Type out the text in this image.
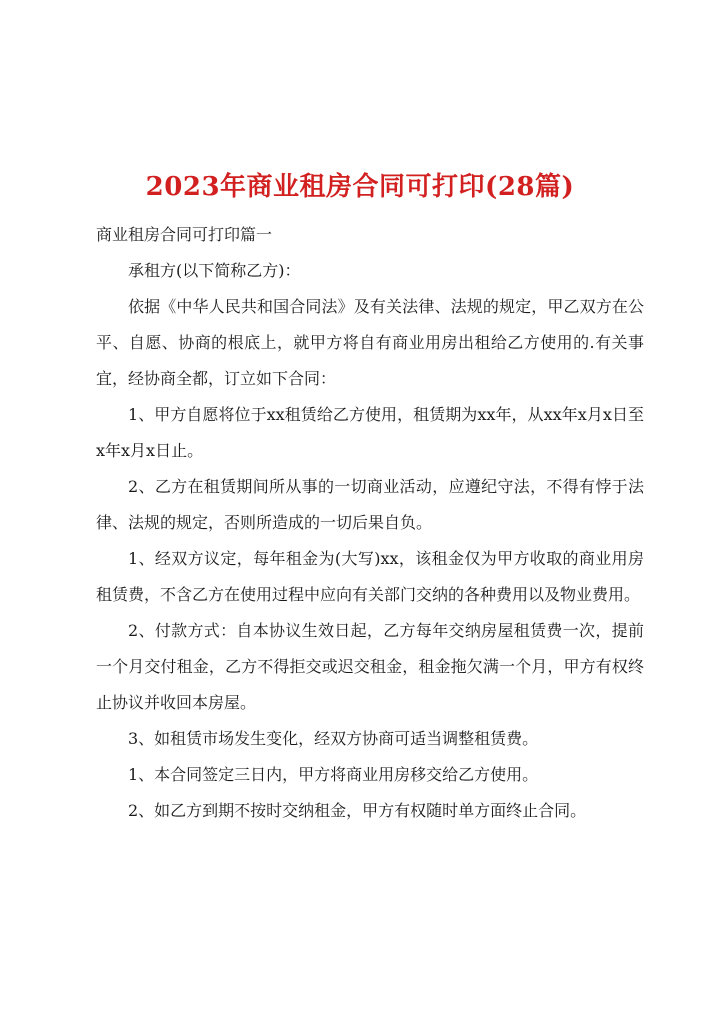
2023年商业租房合同可打印(28篇)

商业租房合同可打印篇一

承租方(以下简称乙方)：

依据《中华人民共和国合同法》及有关法律、法规的规定，甲乙双方在公平、自愿、协商的根底上，就甲方将自有商业用房出租给乙方使用的.有关事宜，经协商全都，订立如下合同：

1、甲方自愿将位于xx租赁给乙方使用，租赁期为xx年，从xx年x月x日至x年x月x日止。

2、乙方在租赁期间所从事的一切商业活动，应遵纪守法，不得有悖于法律、法规的规定，否则所造成的一切后果自负。

1、经双方议定，每年租金为(大写)xx，该租金仅为甲方收取的商业用房租赁费，不含乙方在使用过程中应向有关部门交纳的各种费用以及物业费用。

2、付款方式：自本协议生效日起，乙方每年交纳房屋租赁费一次，提前一个月交付租金，乙方不得拒交或迟交租金，租金拖欠满一个月，甲方有权终止协议并收回本房屋。

3、如租赁市场发生变化，经双方协商可适当调整租赁费。

1、本合同签定三日内，甲方将商业用房移交给乙方使用。

2、如乙方到期不按时交纳租金，甲方有权随时单方面终止合同。
